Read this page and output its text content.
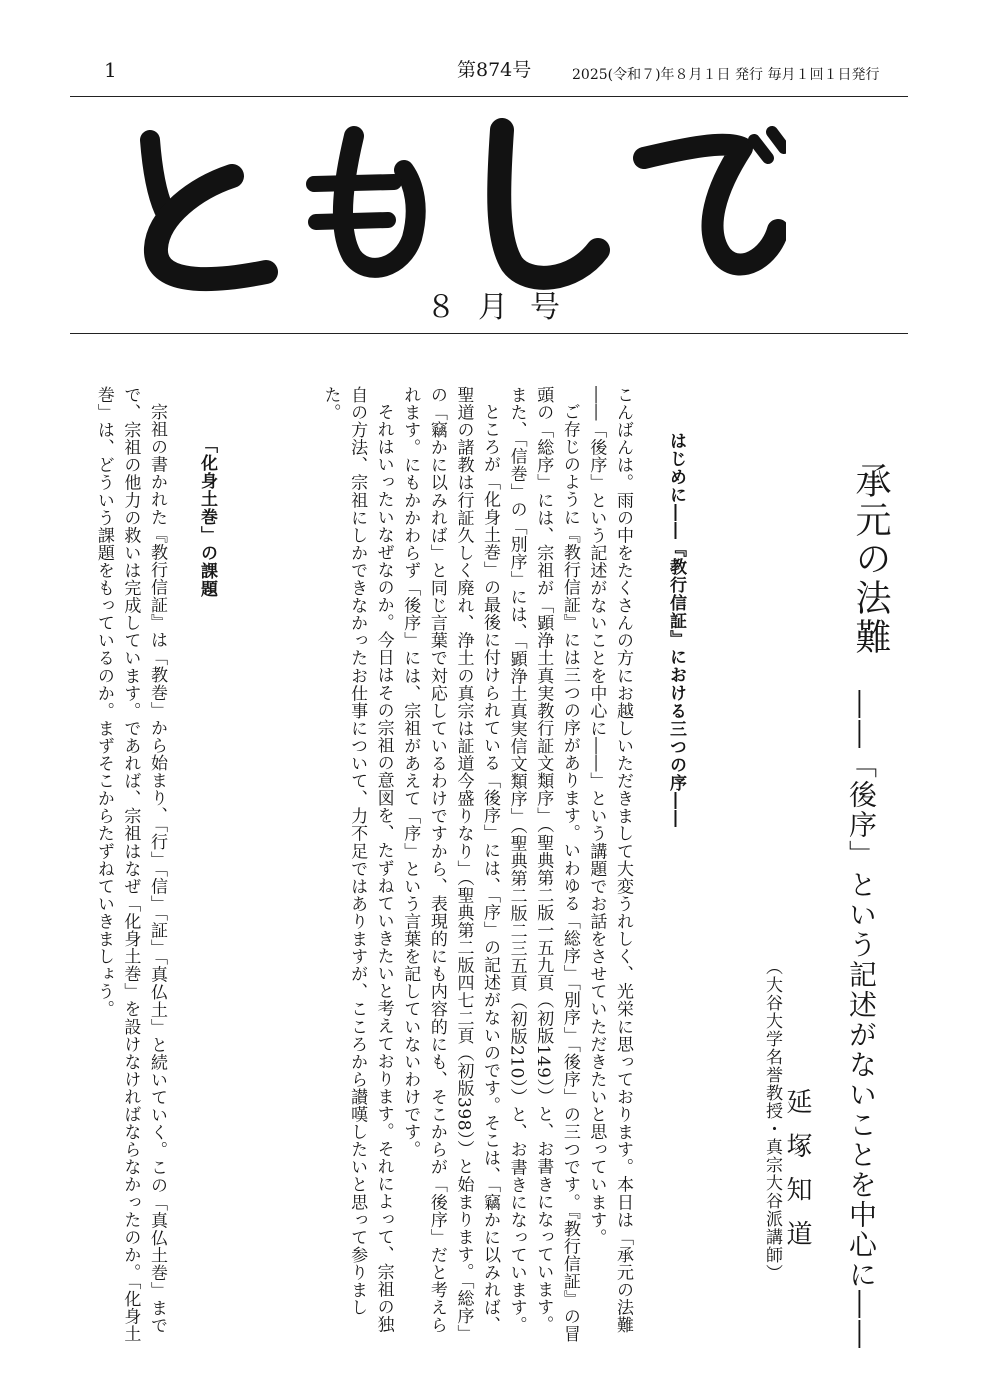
1	第874号	2025(令和７)年８月１日 発行 毎月１回１日発行
８月号
承元の法難
――「後序」という記述がないことを中心に――
（大谷大学名誉教授・真宗大谷派講師） 延塚知道
はじめに――『教行信証』における三つの序――

こんばんは。雨の中をたくさんの方にお越しいただきまして大変うれしく、光栄に思っております。本日は「承元の法難――「後序」という記述がないことを中心に――」という講題でお話をさせていただきたいと思っています。

ご存じのように『教行信証』には三つの序があります。いわゆる「総序」「別序」「後序」の三つです。『教行信証』の冒頭の「総序」には、宗祖が「顕浄土真実教行証文類序」（聖典第二版一五九頁（初版149））と、お書きになっています。また、「信巻」の「別序」には、「顕浄土真実信文類序」（聖典第二版二三五頁（初版210））と、お書きになっています。

ところが「化身土巻」の最後に付けられている「後序」には、「序」の記述がないのです。そこは、「竊かに以みれば、聖道の諸教は行証久しく廃れ、浄土の真宗は証道今盛りなり」（聖典第二版四七二頁（初版398））と始まります。「総序」の「竊かに以みれば」と同じ言葉で対応しているわけですから、表現的にも内容的にも、そこからが「後序」だと考えられます。にもかかわらず「後序」には、宗祖があえて「序」という言葉を記していないわけです。

それはいったいなぜなのか。今日はその宗祖の意図を、たずねていきたいと考えております。それによって、宗祖の独自の方法、宗祖にしかできなかったお仕事について、力不足ではありますが、こころから讃嘆したいと思って参りました。

「化身土巻」の課題

宗祖の書かれた『教行信証』は「教巻」から始まり、「行」「信」「証」「真仏土」と続いていく。この「真仏土巻」までで、宗祖の他力の救いは完成しています。であれば、宗祖はなぜ「化身土巻」を設けなければならなかったのか。「化身土巻」は、どういう課題をもっているのか。まずそこからたずねていきましょう。
